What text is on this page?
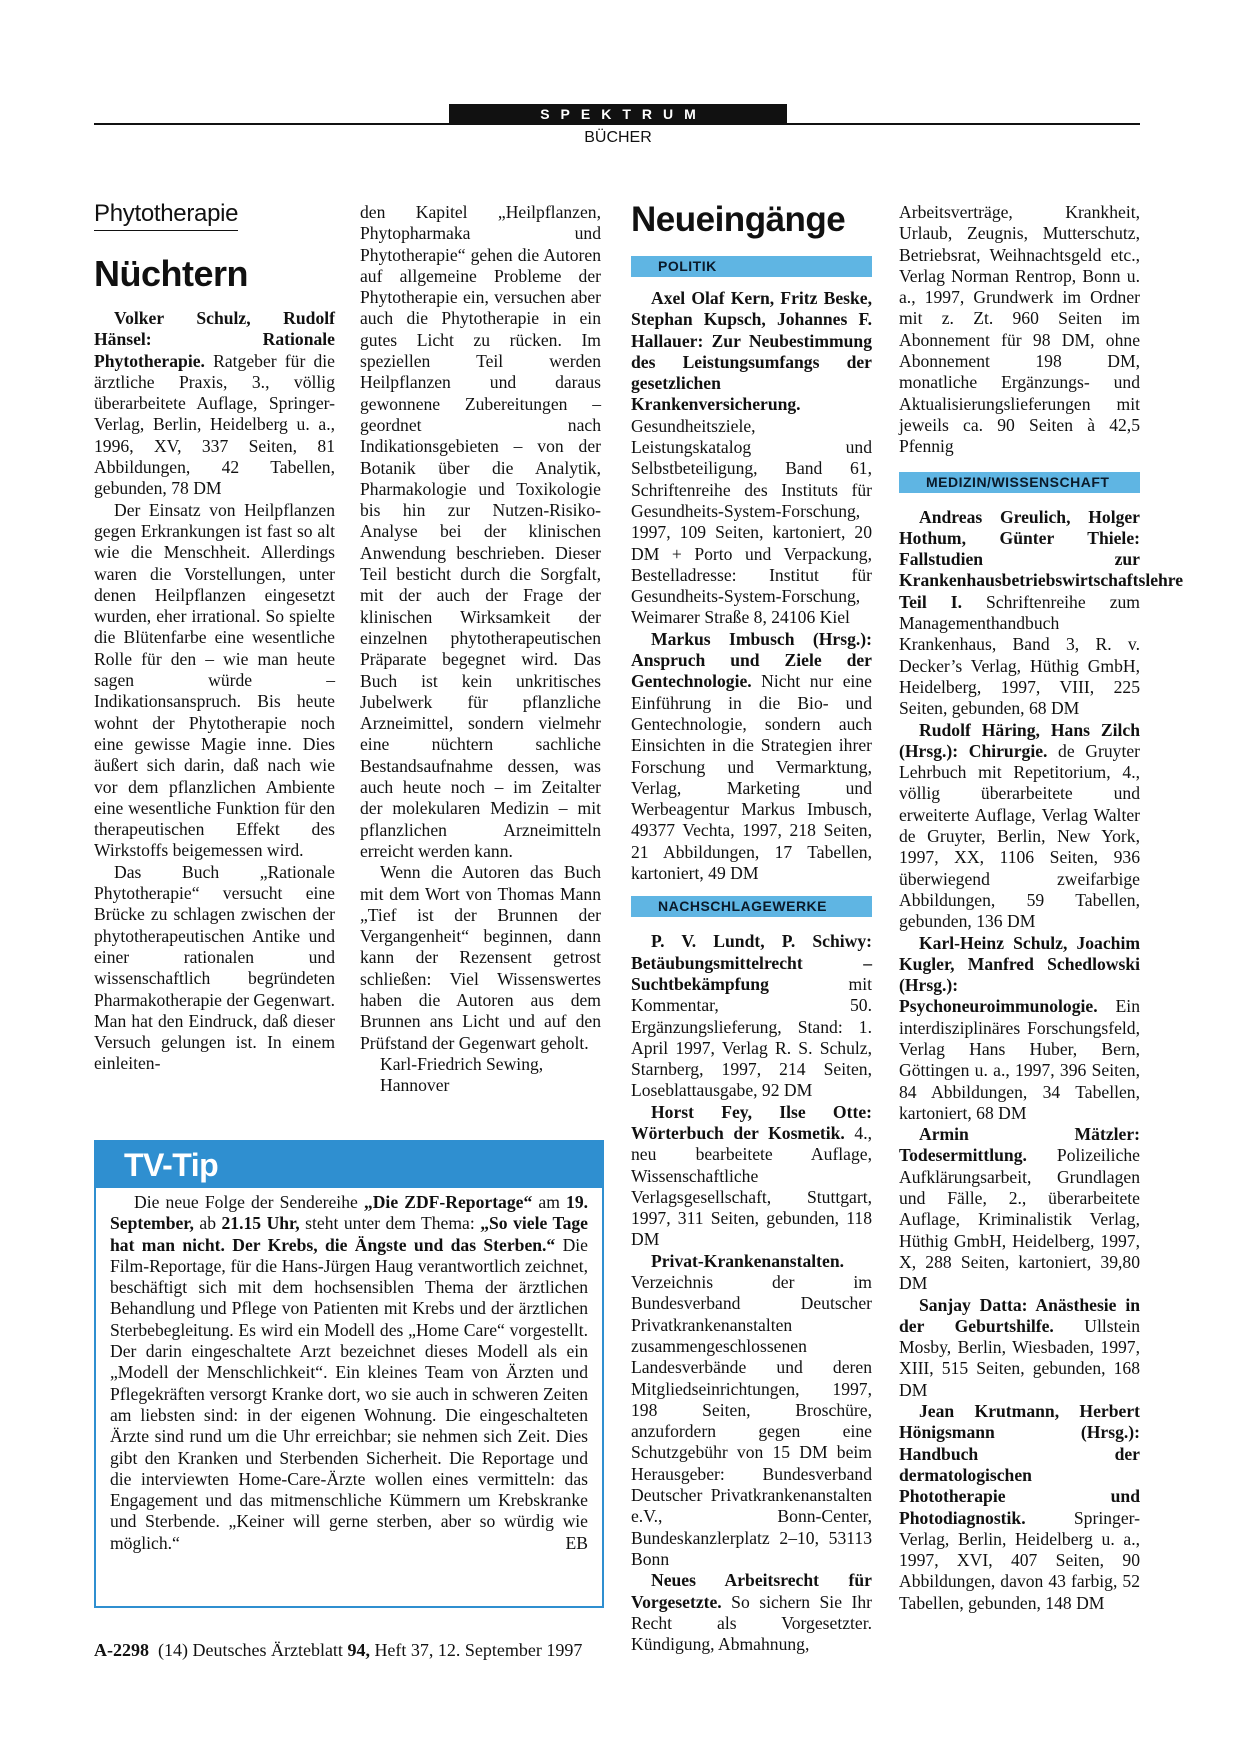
SPEKTRUM
BÜCHER
Phytotherapie
Nüchtern

Volker Schulz, Rudolf Hänsel: Rationale Phytotherapie. Ratgeber für die ärztliche Praxis, 3., völlig überarbeitete Auflage, Springer-Verlag, Berlin, Heidelberg u. a., 1996, XV, 337 Seiten, 81 Abbildungen, 42 Tabellen, gebunden, 78 DM

Der Einsatz von Heilpflanzen gegen Erkrankungen ist fast so alt wie die Menschheit. Allerdings waren die Vorstellungen, unter denen Heilpflanzen eingesetzt wurden, eher irrational. So spielte die Blütenfarbe eine wesentliche Rolle für den – wie man heute sagen würde – Indikationsanspruch. Bis heute wohnt der Phytotherapie noch eine gewisse Magie inne. Dies äußert sich darin, daß nach wie vor dem pflanzlichen Ambiente eine wesentliche Funktion für den therapeutischen Effekt des Wirkstoffs beigemessen wird.

Das Buch „Rationale Phytotherapie“ versucht eine Brücke zu schlagen zwischen der phytotherapeutischen Antike und einer rationalen und wissenschaftlich begründeten Pharmakotherapie der Gegenwart. Man hat den Eindruck, daß dieser Versuch gelungen ist. In einem einleiten-

den Kapitel „Heilpflanzen, Phytopharmaka und Phytotherapie“ gehen die Autoren auf allgemeine Probleme der Phytotherapie ein, versuchen aber auch die Phytotherapie in ein gutes Licht zu rücken. Im speziellen Teil werden Heilpflanzen und daraus gewonnene Zubereitungen – geordnet nach Indikationsgebieten – von der Botanik über die Analytik, Pharmakologie und Toxikologie bis hin zur Nutzen-Risiko-Analyse bei der klinischen Anwendung beschrieben. Dieser Teil besticht durch die Sorgfalt, mit der auch der Frage der klinischen Wirksamkeit der einzelnen phytotherapeutischen Präparate begegnet wird. Das Buch ist kein unkritisches Jubelwerk für pflanzliche Arzneimittel, sondern vielmehr eine nüchtern sachliche Bestandsaufnahme dessen, was auch heute noch – im Zeitalter der molekularen Medizin – mit pflanzlichen Arzneimitteln erreicht werden kann.

Wenn die Autoren das Buch mit dem Wort von Thomas Mann „Tief ist der Brunnen der Vergangenheit“ beginnen, dann kann der Rezensent getrost schließen: Viel Wissenswertes haben die Autoren aus dem Brunnen ans Licht und auf den Prüfstand der Gegenwart geholt.

Karl-Friedrich Sewing,

Hannover

TV-Tip

Die neue Folge der Sendereihe „Die ZDF-Reportage“ am 19. September, ab 21.15 Uhr, steht unter dem Thema: „So viele Tage hat man nicht. Der Krebs, die Ängste und das Sterben.“ Die Film-Reportage, für die Hans-Jürgen Haug verantwortlich zeichnet, beschäftigt sich mit dem hochsensiblen Thema der ärztlichen Behandlung und Pflege von Patienten mit Krebs und der ärztlichen Sterbebegleitung. Es wird ein Modell des „Home Care“ vorgestellt. Der darin eingeschaltete Arzt bezeichnet dieses Modell als ein „Modell der Menschlichkeit“. Ein kleines Team von Ärzten und Pflegekräften versorgt Kranke dort, wo sie auch in schweren Zeiten am liebsten sind: in der eigenen Wohnung. Die eingeschalteten Ärzte sind rund um die Uhr erreichbar; sie nehmen sich Zeit. Dies gibt den Kranken und Sterbenden Sicherheit. Die Reportage und die interviewten Home-Care-Ärzte wollen eines vermitteln: das Engagement und das mitmenschliche Kümmern um Krebskranke und Sterbende. „Keiner will gerne sterben, aber so würdig wie möglich.“	EB

Neueingänge
POLITIK

Axel Olaf Kern, Fritz Beske, Stephan Kupsch, Johannes F. Hallauer: Zur Neubestimmung des Leistungsumfangs der gesetzlichen Krankenversicherung. Gesundheitsziele, Leistungskatalog und Selbstbeteiligung, Band 61, Schriftenreihe des Instituts für Gesundheits-System-Forschung, 1997, 109 Seiten, kartoniert, 20 DM + Porto und Verpackung, Bestelladresse: Institut für Gesundheits-System-Forschung, Weimarer Straße 8, 24106 Kiel

Markus Imbusch (Hrsg.): Anspruch und Ziele der Gentechnologie. Nicht nur eine Einführung in die Bio- und Gentechnologie, sondern auch Einsichten in die Strategien ihrer Forschung und Vermarktung, Verlag, Marketing und Werbeagentur Markus Imbusch, 49377 Vechta, 1997, 218 Seiten, 21 Abbildungen, 17 Tabellen, kartoniert, 49 DM

NACHSCHLAGEWERKE

P. V. Lundt, P. Schiwy: Betäubungsmittelrecht – Suchtbekämpfung mit Kommentar, 50. Ergänzungslieferung, Stand: 1. April 1997, Verlag R. S. Schulz, Starnberg, 1997, 214 Seiten, Loseblattausgabe, 92 DM

Horst Fey, Ilse Otte: Wörterbuch der Kosmetik. 4., neu bearbeitete Auflage, Wissenschaftliche Verlagsgesellschaft, Stuttgart, 1997, 311 Seiten, gebunden, 118 DM

Privat-Krankenanstalten. Verzeichnis der im Bundesverband Deutscher Privatkrankenanstalten zusammengeschlossenen Landesverbände und deren Mitgliedseinrichtungen, 1997, 198 Seiten, Broschüre, anzufordern gegen eine Schutzgebühr von 15 DM beim Herausgeber: Bundesverband Deutscher Privatkrankenanstalten e.V., Bonn-Center, Bundeskanzlerplatz 2–10, 53113 Bonn

Neues Arbeitsrecht für Vorgesetzte. So sichern Sie Ihr Recht als Vorgesetzter. Kündigung, Abmahnung,

Arbeitsverträge, Krankheit, Urlaub, Zeugnis, Mutterschutz, Betriebsrat, Weihnachtsgeld etc., Verlag Norman Rentrop, Bonn u. a., 1997, Grundwerk im Ordner mit z. Zt. 960 Seiten im Abonnement für 98 DM, ohne Abonnement 198 DM, monatliche Ergänzungs- und Aktualisierungslieferungen mit jeweils ca. 90 Seiten à 42,5 Pfennig

MEDIZIN/WISSENSCHAFT

Andreas Greulich, Holger Hothum, Günter Thiele: Fallstudien zur Krankenhausbetriebswirtschaftslehre Teil I. Schriftenreihe zum Managementhandbuch Krankenhaus, Band 3, R. v. Decker’s Verlag, Hüthig GmbH, Heidelberg, 1997, VIII, 225 Seiten, gebunden, 68 DM

Rudolf Häring, Hans Zilch (Hrsg.): Chirurgie. de Gruyter Lehrbuch mit Repetitorium, 4., völlig überarbeitete und erweiterte Auflage, Verlag Walter de Gruyter, Berlin, New York, 1997, XX, 1106 Seiten, 936 überwiegend zweifarbige Abbildungen, 59 Tabellen, gebunden, 136 DM

Karl-Heinz Schulz, Joachim Kugler, Manfred Schedlowski (Hrsg.): Psychoneuroimmunologie. Ein interdisziplinäres Forschungsfeld, Verlag Hans Huber, Bern, Göttingen u. a., 1997, 396 Seiten, 84 Abbildungen, 34 Tabellen, kartoniert, 68 DM

Armin Mätzler: Todesermittlung. Polizeiliche Aufklärungsarbeit, Grundlagen und Fälle, 2., überarbeitete Auflage, Kriminalistik Verlag, Hüthig GmbH, Heidelberg, 1997, X, 288 Seiten, kartoniert, 39,80 DM

Sanjay Datta: Anästhesie in der Geburtshilfe. Ullstein Mosby, Berlin, Wiesbaden, 1997, XIII, 515 Seiten, gebunden, 168 DM

Jean Krutmann, Herbert Hönigsmann (Hrsg.): Handbuch der dermatologischen Phototherapie und Photodiagnostik. Springer-Verlag, Berlin, Heidelberg u. a., 1997, XVI, 407 Seiten, 90 Abbildungen, davon 43 farbig, 52 Tabellen, gebunden, 148 DM

A-2298 (14) Deutsches Ärzteblatt 94, Heft 37, 12. September 1997
